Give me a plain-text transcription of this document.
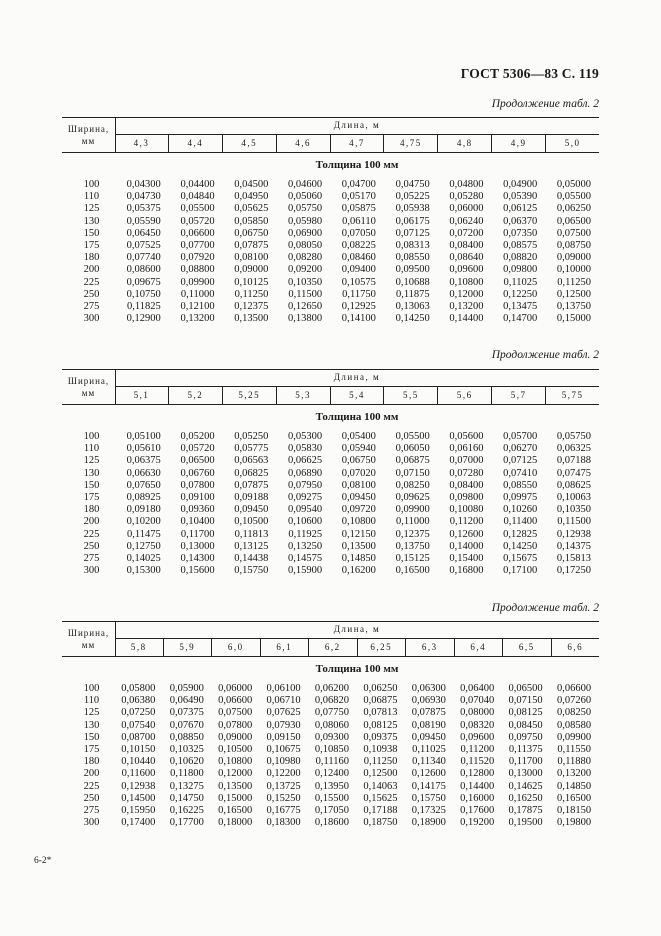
ГОСТ 5306—83 С. 119
Продолжение табл. 2
Ширина, мм
Длина, м
4,3	4,4	4,5	4,6	4,7	4,75	4,8	4,9	5,0
Толщина 100 мм
100	0,04300	0,04400	0,04500	0,04600	0,04700	0,04750	0,04800	0,04900	0,05000
110	0,04730	0,04840	0,04950	0,05060	0,05170	0,05225	0,05280	0,05390	0,05500
125	0,05375	0,05500	0,05625	0,05750	0,05875	0,05938	0,06000	0,06125	0,06250
130	0,05590	0,05720	0,05850	0,05980	0,06110	0,06175	0,06240	0,06370	0,06500
150	0,06450	0,06600	0,06750	0,06900	0,07050	0,07125	0,07200	0,07350	0,07500
175	0,07525	0,07700	0,07875	0,08050	0,08225	0,08313	0,08400	0,08575	0,08750
180	0,07740	0,07920	0,08100	0,08280	0,08460	0,08550	0,08640	0,08820	0,09000
200	0,08600	0,08800	0,09000	0,09200	0,09400	0,09500	0,09600	0,09800	0,10000
225	0,09675	0,09900	0,10125	0,10350	0,10575	0,10688	0,10800	0,11025	0,11250
250	0,10750	0,11000	0,11250	0,11500	0,11750	0,11875	0,12000	0,12250	0,12500
275	0,11825	0,12100	0,12375	0,12650	0,12925	0,13063	0,13200	0,13475	0,13750
300	0,12900	0,13200	0,13500	0,13800	0,14100	0,14250	0,14400	0,14700	0,15000
Продолжение табл. 2
Ширина, мм
Длина, м
5,1	5,2	5,25	5,3	5,4	5,5	5,6	5,7	5,75
Толщина 100 мм
100	0,05100	0,05200	0,05250	0,05300	0,05400	0,05500	0,05600	0,05700	0,05750
110	0,05610	0,05720	0,05775	0,05830	0,05940	0,06050	0,06160	0,06270	0,06325
125	0,06375	0,06500	0,06563	0,06625	0,06750	0,06875	0,07000	0,07125	0,07188
130	0,06630	0,06760	0,06825	0,06890	0,07020	0,07150	0,07280	0,07410	0,07475
150	0,07650	0,07800	0,07875	0,07950	0,08100	0,08250	0,08400	0,08550	0,08625
175	0,08925	0,09100	0,09188	0,09275	0,09450	0,09625	0,09800	0,09975	0,10063
180	0,09180	0,09360	0,09450	0,09540	0,09720	0,09900	0,10080	0,10260	0,10350
200	0,10200	0,10400	0,10500	0,10600	0,10800	0,11000	0,11200	0,11400	0,11500
225	0,11475	0,11700	0,11813	0,11925	0,12150	0,12375	0,12600	0,12825	0,12938
250	0,12750	0,13000	0,13125	0,13250	0,13500	0,13750	0,14000	0,14250	0,14375
275	0,14025	0,14300	0,14438	0,14575	0,14850	0,15125	0,15400	0,15675	0,15813
300	0,15300	0,15600	0,15750	0,15900	0,16200	0,16500	0,16800	0,17100	0,17250
Продолжение табл. 2
Ширина, мм
Длина, м
5,8	5,9	6,0	6,1	6,2	6,25	6,3	6,4	6,5	6,6
Толщина 100 мм
100	0,05800	0,05900	0,06000	0,06100	0,06200	0,06250	0,06300	0,06400	0,06500	0,06600
110	0,06380	0,06490	0,06600	0,06710	0,06820	0,06875	0,06930	0,07040	0,07150	0,07260
125	0,07250	0,07375	0,07500	0,07625	0,07750	0,07813	0,07875	0,08000	0,08125	0,08250
130	0,07540	0,07670	0,07800	0,07930	0,08060	0,08125	0,08190	0,08320	0,08450	0,08580
150	0,08700	0,08850	0,09000	0,09150	0,09300	0,09375	0,09450	0,09600	0,09750	0,09900
175	0,10150	0,10325	0,10500	0,10675	0,10850	0,10938	0,11025	0,11200	0,11375	0,11550
180	0,10440	0,10620	0,10800	0,10980	0,11160	0,11250	0,11340	0,11520	0,11700	0,11880
200	0,11600	0,11800	0,12000	0,12200	0,12400	0,12500	0,12600	0,12800	0,13000	0,13200
225	0,12938	0,13275	0,13500	0,13725	0,13950	0,14063	0,14175	0,14400	0,14625	0,14850
250	0,14500	0,14750	0,15000	0,15250	0,15500	0,15625	0,15750	0,16000	0,16250	0,16500
275	0,15950	0,16225	0,16500	0,16775	0,17050	0,17188	0,17325	0,17600	0,17875	0,18150
300	0,17400	0,17700	0,18000	0,18300	0,18600	0,18750	0,18900	0,19200	0,19500	0,19800
6-2*
